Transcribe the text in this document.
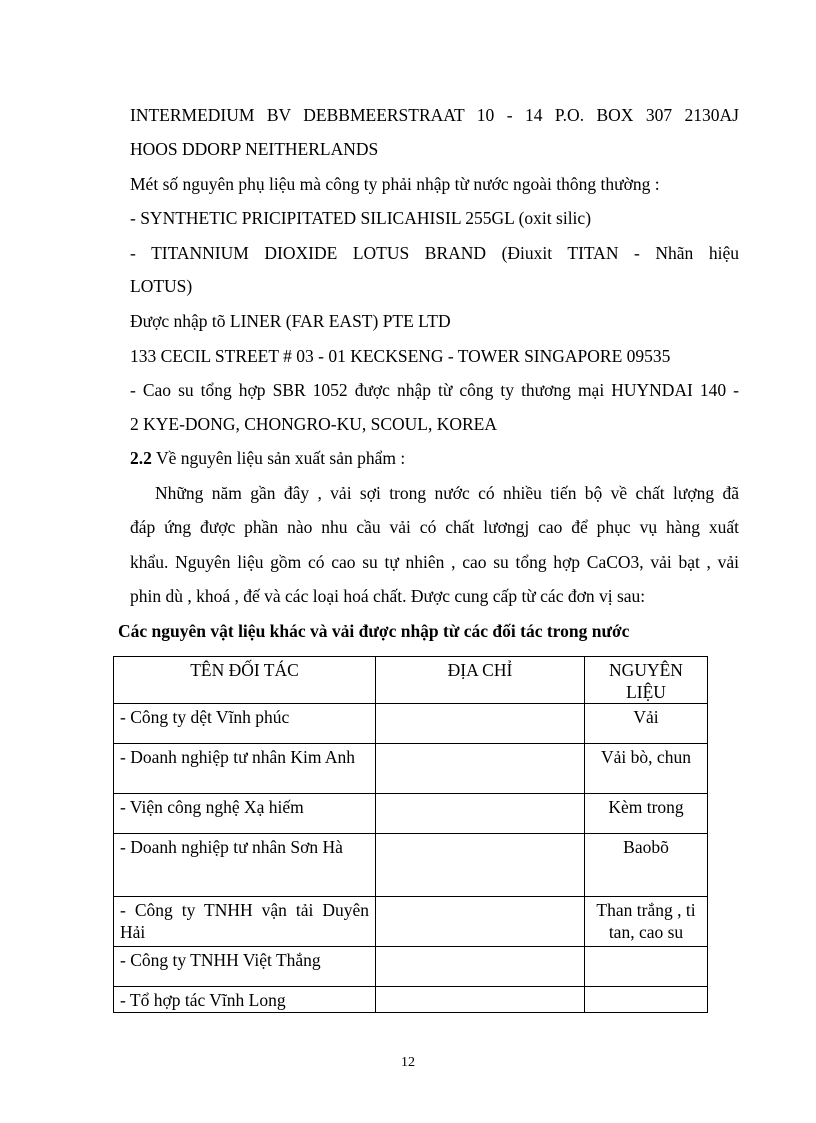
INTERMEDIUM BV DEBBMEERSTRAAT 10 - 14 P.O. BOX 307 2130AJ
HOOS DDORP NEITHERLANDS
Mét số nguyên phụ liệu mà công ty phải nhập từ nước ngoài thông thường :
- SYNTHETIC PRICIPITATED SILICAHISIL 255GL (oxit silic)
- TITANNIUM DIOXIDE LOTUS BRAND (Điuxit TITAN - Nhãn hiệu
LOTUS)
Được nhập tõ LINER (FAR EAST) PTE LTD
133 CECIL STREET # 03 - 01 KECKSENG - TOWER SINGAPORE 09535
- Cao su tổng hợp SBR 1052 được nhập từ công ty thương mại HUYNDAI 140 -
2 KYE-DONG, CHONGRO-KU, SCOUL, KOREA
2.2 Về nguyên liệu sản xuất sản phẩm :
Những năm gần đây , vải sợi trong nước có nhiều tiến bộ về chất lượng đã
đáp ứng được phần nào nhu cầu vải có chất lươngj cao để phục vụ hàng xuất
khẩu. Nguyên liệu gồm có cao su tự nhiên , cao su tổng hợp CaCO3, vải bạt , vải
phin dù , khoá , đế và các loại hoá chất. Được cung cấp từ các đơn vị sau:
Các nguyên vật liệu khác và vải được nhập từ các đối tác trong nước
TÊN ĐỐI TÁC	ĐỊA CHỈ	NGUYÊN LIỆU
- Công ty dệt Vĩnh phúc		Vải
- Doanh nghiệp tư nhân Kim Anh		Vải bò, chun
- Viện công nghệ Xạ hiếm		Kèm trong
- Doanh nghiệp tư nhân Sơn Hà		Baobõ
- Công ty TNHH vận tải Duyên Hải		Than trắng , ti tan, cao su
- Công ty TNHH Việt Thắng		
- Tổ hợp tác Vĩnh Long		
12
